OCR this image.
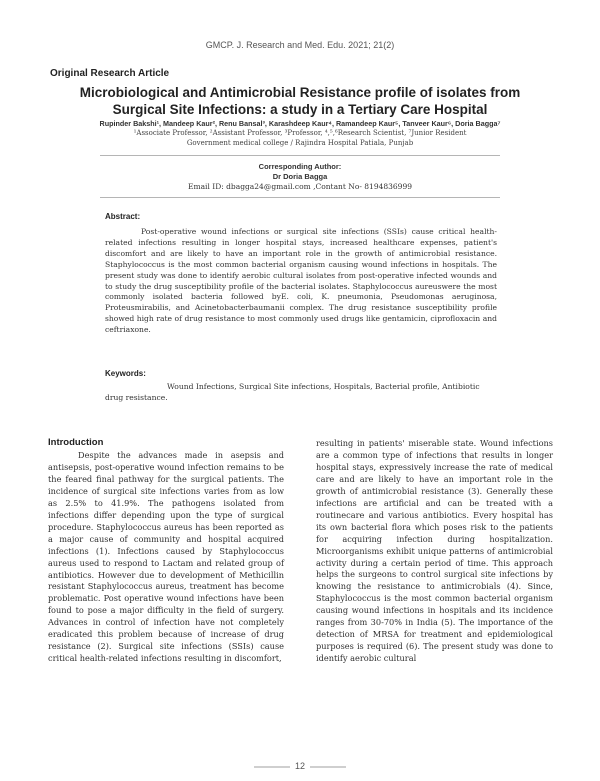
GMCP. J. Research and Med. Edu. 2021; 21(2)
Original Research Article
Microbiological and Antimicrobial Resistance profile of isolates from
Surgical Site Infections: a study in a Tertiary Care Hospital
Rupinder Bakshi¹, Mandeep Kaur², Renu Bansal³, Karashdeep Kaur⁴, Ramandeep Kaur⁵, Tanveer Kaur⁶, Doria Bagga⁷
¹Associate Professor, ²Assistant Professor, ³Professor, ⁴,⁵,⁶Research Scientist, ⁷Junior Resident
Government medical college / Rajindra Hospital Patiala, Punjab
Corresponding Author:
Dr Doria Bagga
Email ID: dbagga24@gmail.com ,Contant No- 8194836999
Abstract:
Post-operative wound infections or surgical site infections (SSIs) cause critical health-related infections resulting in longer hospital stays, increased healthcare expenses, patient's discomfort and are likely to have an important role in the growth of antimicrobial resistance. Staphylococcus is the most common bacterial organism causing wound infections in hospitals. The present study was done to identify aerobic cultural isolates from post-operative infected wounds and to study the drug susceptibility profile of the bacterial isolates. Staphylococcus aureuswere the most commonly isolated bacteria followed byE. coli, K. pneumonia, Pseudomonas aeruginosa, Proteusmirabilis, and Acinetobacterbaumanii complex. The drug resistance susceptibility profile showed high rate of drug resistance to most commonly used drugs like gentamicin, ciprofloxacin and ceftriaxone.
Keywords:
Wound Infections, Surgical Site infections, Hospitals, Bacterial profile, Antibiotic drug resistance.
Introduction
Despite the advances made in asepsis and antisepsis, post-operative wound infection remains to be the feared final pathway for the surgical patients. The incidence of surgical site infections varies from as low as 2.5% to 41.9%. The pathogens isolated from infections differ depending upon the type of surgical procedure. Staphylococcus aureus has been reported as a major cause of community and hospital acquired infections (1). Infections caused by Staphylococcus aureus used to respond to Lactam and related group of antibiotics. However due to development of Methicillin resistant Staphylococcus aureus, treatment has become problematic. Post operative wound infections have been found to pose a major difficulty in the field of surgery. Advances in control of infection have not completely eradicated this problem because of increase of drug resistance (2). Surgical site infections (SSIs) cause critical health-related infections resulting in discomfort,
resulting in patients' miserable state. Wound infections are a common type of infections that results in longer hospital stays, expressively increase the rate of medical care and are likely to have an important role in the growth of antimicrobial resistance (3). Generally these infections are artificial and can be treated with a routinecare and various antibiotics. Every hospital has its own bacterial flora which poses risk to the patients for acquiring infection during hospitalization. Microorganisms exhibit unique patterns of antimicrobial activity during a certain period of time. This approach helps the surgeons to control surgical site infections by knowing the resistance to antimicrobials (4). Since, Staphylococcus is the most common bacterial organism causing wound infections in hospitals and its incidence ranges from 30-70% in India (5). The importance of the detection of MRSA for treatment and epidemiological purposes is required (6). The present study was done to identify aerobic cultural
12
